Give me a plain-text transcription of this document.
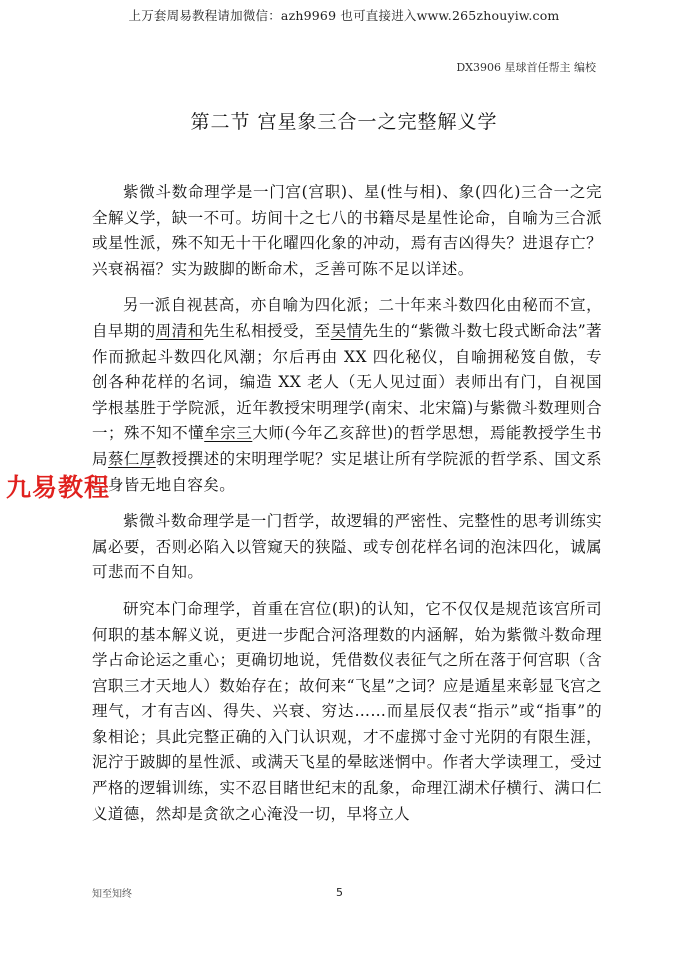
上万套周易教程请加微信：azh9969 也可直接进入www.265zhouyiw.com
DX3906 星球首任帮主 编校
第二节 宫星象三合一之完整解义学

紫微斗数命理学是一门宫(宫职)、星(性与相)、象(四化)三合一之完全解义学，缺一不可。坊间十之七八的书籍尽是星性论命，自喻为三合派或星性派，殊不知无十干化曜四化象的冲动，焉有吉凶得失？进退存亡？兴衰祸福？实为跛脚的断命术，乏善可陈不足以详述。

另一派自视甚高，亦自喻为四化派；二十年来斗数四化由秘而不宣，自早期的周清和先生私相授受，至吴情先生的“紫微斗数七段式断命法”著作而掀起斗数四化风潮；尔后再由 XX 四化秘仪，自喻拥秘笈自傲，专创各种花样的名词，编造 XX 老人（无人见过面）表师出有门，自视国学根基胜于学院派，近年教授宋明理学(南宋、北宋篇)与紫微斗数理则合一；殊不知不懂牟宗三大师(今年乙亥辞世)的哲学思想，焉能教授学生书局蔡仁厚教授撰述的宋明理学呢？实足堪让所有学院派的哲学系、国文系出身皆无地自容矣。

紫微斗数命理学是一门哲学，故逻辑的严密性、完整性的思考训练实属必要，否则必陷入以管窥天的狭隘、或专创花样名词的泡沫四化，诚属可悲而不自知。

研究本门命理学，首重在宫位(职)的认知，它不仅仅是规范该宫所司何职的基本解义说，更进一步配合河洛理数的内涵解，始为紫微斗数命理学占命论运之重心；更确切地说，凭借数仪表征气之所在落于何宫职（含宫职三才天地人）数始存在；故何来“飞星”之词？应是遁星来彰显飞宫之理气，才有吉凶、得失、兴衰、穷达……而星辰仅表“指示”或“指事”的象相论；具此完整正确的入门认识观，才不虚掷寸金寸光阴的有限生涯，泥泞于跛脚的星性派、或满天飞星的晕眩迷惘中。作者大学读理工，受过严格的逻辑训练，实不忍目睹世纪末的乱象，命理江湖术仔横行、满口仁义道德，然却是贪欲之心淹没一切，早将立人

九易教程
知至知终	5
